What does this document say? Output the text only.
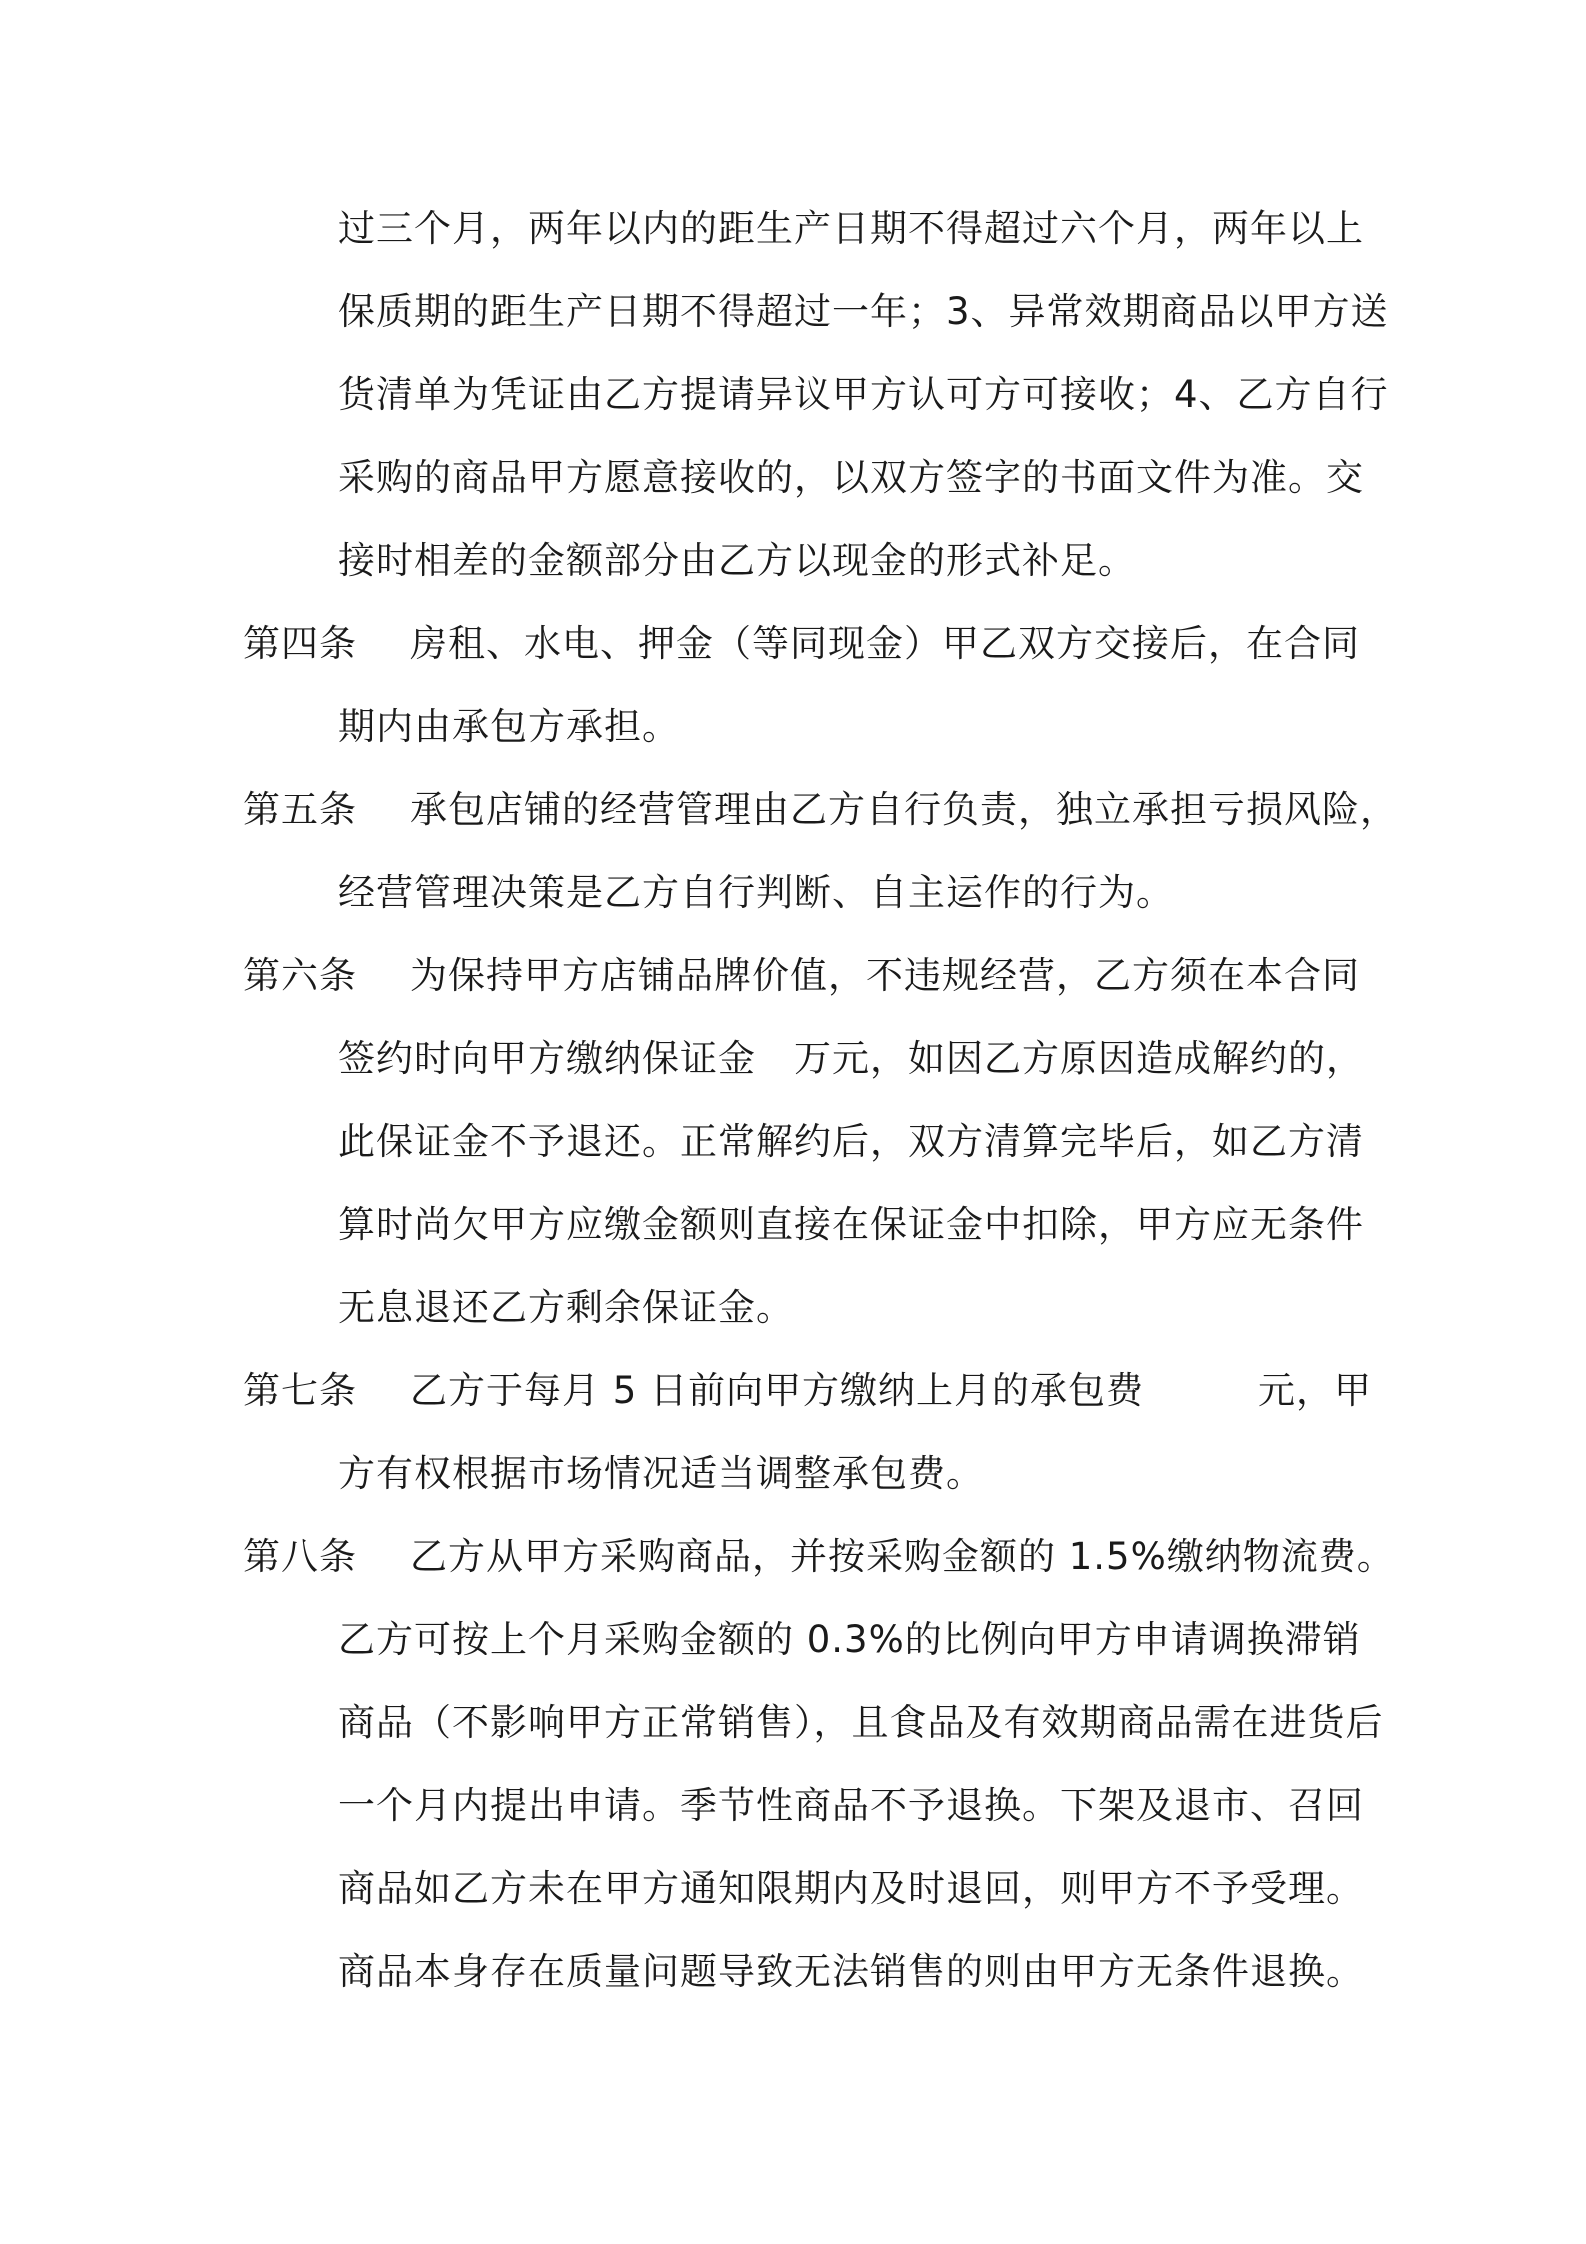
过三个月，两年以内的距生产日期不得超过六个月，两年以上
保质期的距生产日期不得超过一年；3、异常效期商品以甲方送
货清单为凭证由乙方提请异议甲方认可方可接收；4、乙方自行
采购的商品甲方愿意接收的，以双方签字的书面文件为准。交
接时相差的金额部分由乙方以现金的形式补足。
第四条 房租、水电、押金（等同现金）甲乙双方交接后，在合同
期内由承包方承担。
第五条 承包店铺的经营管理由乙方自行负责，独立承担亏损风险，
经营管理决策是乙方自行判断、自主运作的行为。
第六条 为保持甲方店铺品牌价值，不违规经营，乙方须在本合同
签约时向甲方缴纳保证金　万元，如因乙方原因造成解约的，
此保证金不予退还。正常解约后，双方清算完毕后，如乙方清
算时尚欠甲方应缴金额则直接在保证金中扣除，甲方应无条件
无息退还乙方剩余保证金。
第七条 乙方于每月 5 日前向甲方缴纳上月的承包费　　　元，甲
方有权根据市场情况适当调整承包费。
第八条 乙方从甲方采购商品，并按采购金额的 1.5%缴纳物流费。
乙方可按上个月采购金额的 0.3%的比例向甲方申请调换滞销
商品（不影响甲方正常销售），且食品及有效期商品需在进货后
一个月内提出申请。季节性商品不予退换。下架及退市、召回
商品如乙方未在甲方通知限期内及时退回，则甲方不予受理。
商品本身存在质量问题导致无法销售的则由甲方无条件退换。
